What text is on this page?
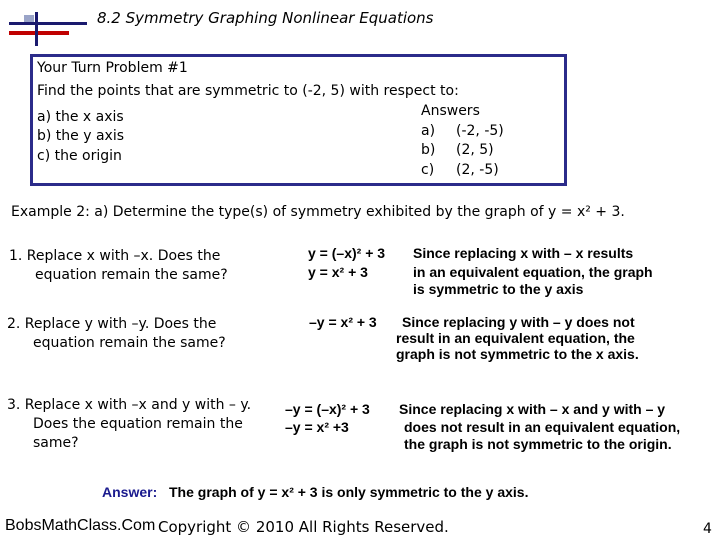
8.2 Symmetry Graphing Nonlinear Equations
Your Turn Problem #1
Find the points that are symmetric to (-2, 5) with respect to:
a) the x axis
b) the y axis
c) the origin
Answers
a) (-2, -5)
b) (2, 5)
c) (2, -5)
Example 2: a) Determine the type(s) of symmetry exhibited by the graph of y = x² + 3.
1. Replace x with –x. Does the
equation remain the same?
y = (–x)² + 3
y = x² + 3
Since replacing x with – x results
in an equivalent equation, the graph
is symmetric to the y axis
2. Replace y with –y. Does the
equation remain the same?
–y = x² + 3 Since replacing y with – y does not
result in an equivalent equation, the
graph is not symmetric to the x axis.
3. Replace x with –x and y with – y.
Does the equation remain the
same?
–y = (–x)² + 3
–y = x² +3
Since replacing x with – x and y with – y
does not result in an equivalent equation,
the graph is not symmetric to the origin.
Answer: The graph of y = x² + 3 is only symmetric to the y axis.
BobsMathClass.Com Copyright © 2010 All Rights Reserved.	4
